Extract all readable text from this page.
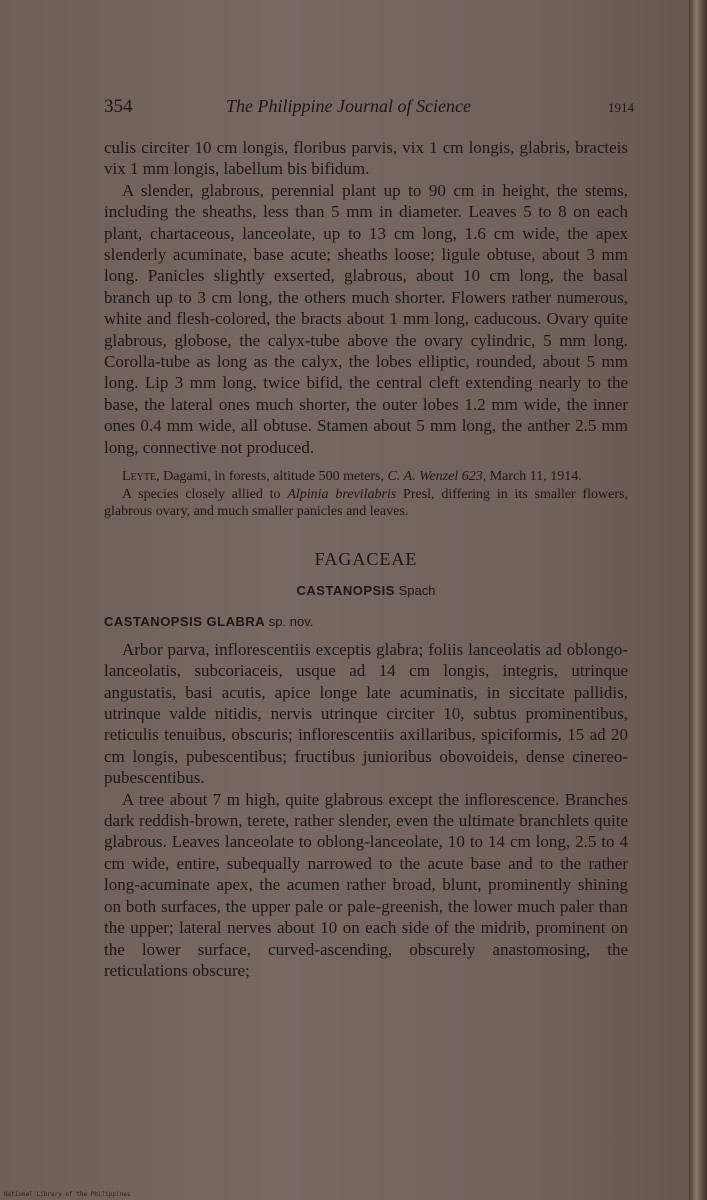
354	The Philippine Journal of Science	1914

culis circiter 10 cm longis, floribus parvis, vix 1 cm longis, glabris, bracteis vix 1 mm longis, labellum bis bifidum.

A slender, glabrous, perennial plant up to 90 cm in height, the stems, including the sheaths, less than 5 mm in diameter. Leaves 5 to 8 on each plant, chartaceous, lanceolate, up to 13 cm long, 1.6 cm wide, the apex slenderly acuminate, base acute; sheaths loose; ligule obtuse, about 3 mm long. Panicles slightly exserted, glabrous, about 10 cm long, the basal branch up to 3 cm long, the others much shorter. Flowers rather numerous, white and flesh-colored, the bracts about 1 mm long, caducous. Ovary quite glabrous, globose, the calyx-tube above the ovary cylindric, 5 mm long. Corolla-tube as long as the calyx, the lobes elliptic, rounded, about 5 mm long. Lip 3 mm long, twice bifid, the central cleft extending nearly to the base, the lateral ones much shorter, the outer lobes 1.2 mm wide, the inner ones 0.4 mm wide, all obtuse. Stamen about 5 mm long, the anther 2.5 mm long, connective not produced.

Leyte, Dagami, in forests, altitude 500 meters, C. A. Wenzel 623, March 11, 1914.

A species closely allied to Alpinia brevilabris Presl, differing in its smaller flowers, glabrous ovary, and much smaller panicles and leaves.

FAGACEAE

CASTANOPSIS Spach

CASTANOPSIS GLABRA sp. nov.

Arbor parva, inflorescentiis exceptis glabra; foliis lanceolatis ad oblongo-lanceolatis, subcoriaceis, usque ad 14 cm longis, integris, utrinque angustatis, basi acutis, apice longe late acuminatis, in siccitate pallidis, utrinque valde nitidis, nervis utrinque circiter 10, subtus prominentibus, reticulis tenuibus, obscuris; inflorescentiis axillaribus, spiciformis, 15 ad 20 cm longis, pubescentibus; fructibus junioribus obovoideis, dense cinereo-pubescentibus.

A tree about 7 m high, quite glabrous except the inflorescence. Branches dark reddish-brown, terete, rather slender, even the ultimate branchlets quite glabrous. Leaves lanceolate to oblong-lanceolate, 10 to 14 cm long, 2.5 to 4 cm wide, entire, subequally narrowed to the acute base and to the rather long-acuminate apex, the acumen rather broad, blunt, prominently shining on both surfaces, the upper pale or pale-greenish, the lower much paler than the upper; lateral nerves about 10 on each side of the midrib, prominent on the lower surface, curved-ascending, obscurely anastomosing, the reticulations obscure;

National Library of the Philippines
